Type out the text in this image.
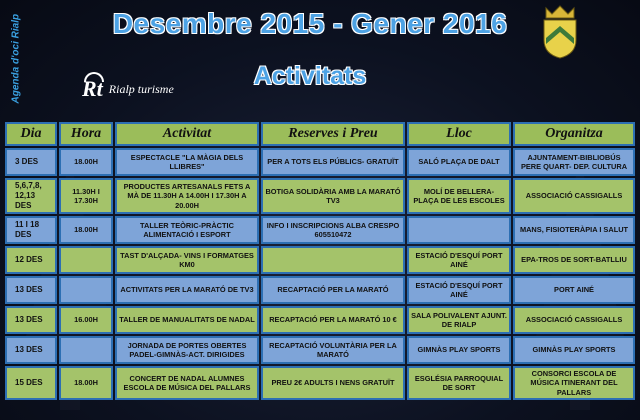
Agenda d'oci Rialp	Desembre 2015 - Gener 2016
Activitats
Rt Rialp turisme
Dia	Hora	Activitat	Reserves i Preu	Lloc	Organitza
3 DES	18.00H	ESPECTACLE "LA MÀGIA DELS LLIBRES"	PER A TOTS ELS PÚBLICS- GRATUÏT	SALÓ PLAÇA DE DALT	AJUNTAMENT-BIBLIOBÚS PERE QUART- DEP. CULTURA
5,6,7,8, 12,13 DES	11.30H I 17.30H	PRODUCTES ARTESANALS FETS A MÀ DE 11.30H A 14.00H I 17.30H A 20.00H	BOTIGA SOLIDÀRIA AMB LA MARATÓ TV3	MOLÍ DE BELLERA- PLAÇA DE LES ESCOLES	ASSOCIACIÓ CASSIGALLS
11 I 18 DES	18.00H	TALLER TEÒRIC-PRÀCTIC ALIMENTACIÓ I ESPORT	INFO I INSCRIPCIONS ALBA CRESPO 605510472		MANS, FISIOTERÀPIA I SALUT
12 DES		TAST D'ALÇADA- VINS I FORMATGES KM0		ESTACIÓ D'ESQUÍ PORT AINÉ	EPA-TROS DE SORT-BATLLIU
13 DES		ACTIVITATS PER LA MARATÓ DE TV3	RECAPTACIÓ PER LA MARATÓ	ESTACIÓ D'ESQUÍ PORT AINÉ	PORT AINÉ
13 DES	16.00H	TALLER DE MANUALITATS DE NADAL	RECAPTACIÓ PER LA MARATÓ 10 €	SALA POLIVALENT AJUNT. DE RIALP	ASSOCIACIÓ CASSIGALLS
13 DES		JORNADA DE PORTES OBERTES PADEL-GIMNÀS-ACT. DIRIGIDES	RECAPTACIÓ VOLUNTÀRIA PER LA MARATÓ	GIMNÀS PLAY SPORTS	GIMNÀS PLAY SPORTS
15 DES	18.00H	CONCERT DE NADAL ALUMNES ESCOLA DE MÚSICA DEL PALLARS	PREU 2€ ADULTS I NENS GRATUÏT	ESGLÉSIA PARROQUIAL DE SORT	CONSORCI ESCOLA DE MÚSICA ITINERANT DEL PALLARS
